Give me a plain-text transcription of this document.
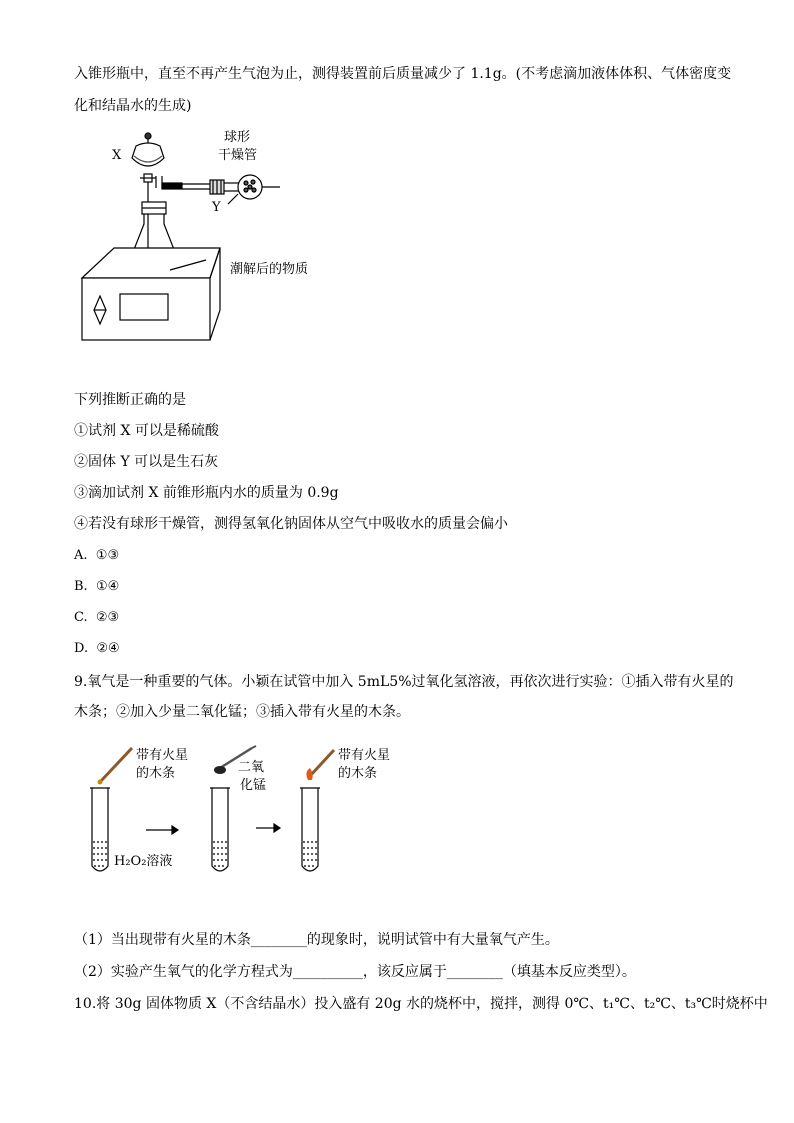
入锥形瓶中，直至不再产生气泡为止，测得装置前后质量减少了 1.1g。(不考虑滴加液体体积、气体密度变
化和结晶水的生成)
X
球形
干燥管
Y
潮解后的物质
下列推断正确的是
①试剂 X 可以是稀硫酸
②固体 Y 可以是生石灰
③滴加试剂 X 前锥形瓶内水的质量为 0.9g
④若没有球形干燥管，测得氢氧化钠固体从空气中吸收水的质量会偏小
A. ①③
B. ①④
C. ②③
D. ②④
9.氧气是一种重要的气体。小颖在试管中加入 5mL5%过氧化氢溶液，再依次进行实验：①插入带有火星的
木条；②加入少量二氧化锰；③插入带有火星的木条。
带有火星
的木条	二氧
化锰
带有火星
的木条
H₂O₂溶液
（1）当出现带有火星的木条________的现象时，说明试管中有大量氧气产生。
（2）实验产生氧气的化学方程式为__________，该反应属于________（填基本反应类型）。
10.将 30g 固体物质 X（不含结晶水）投入盛有 20g 水的烧杯中，搅拌，测得 0℃、t₁℃、t₂℃、t₃℃时烧杯中
